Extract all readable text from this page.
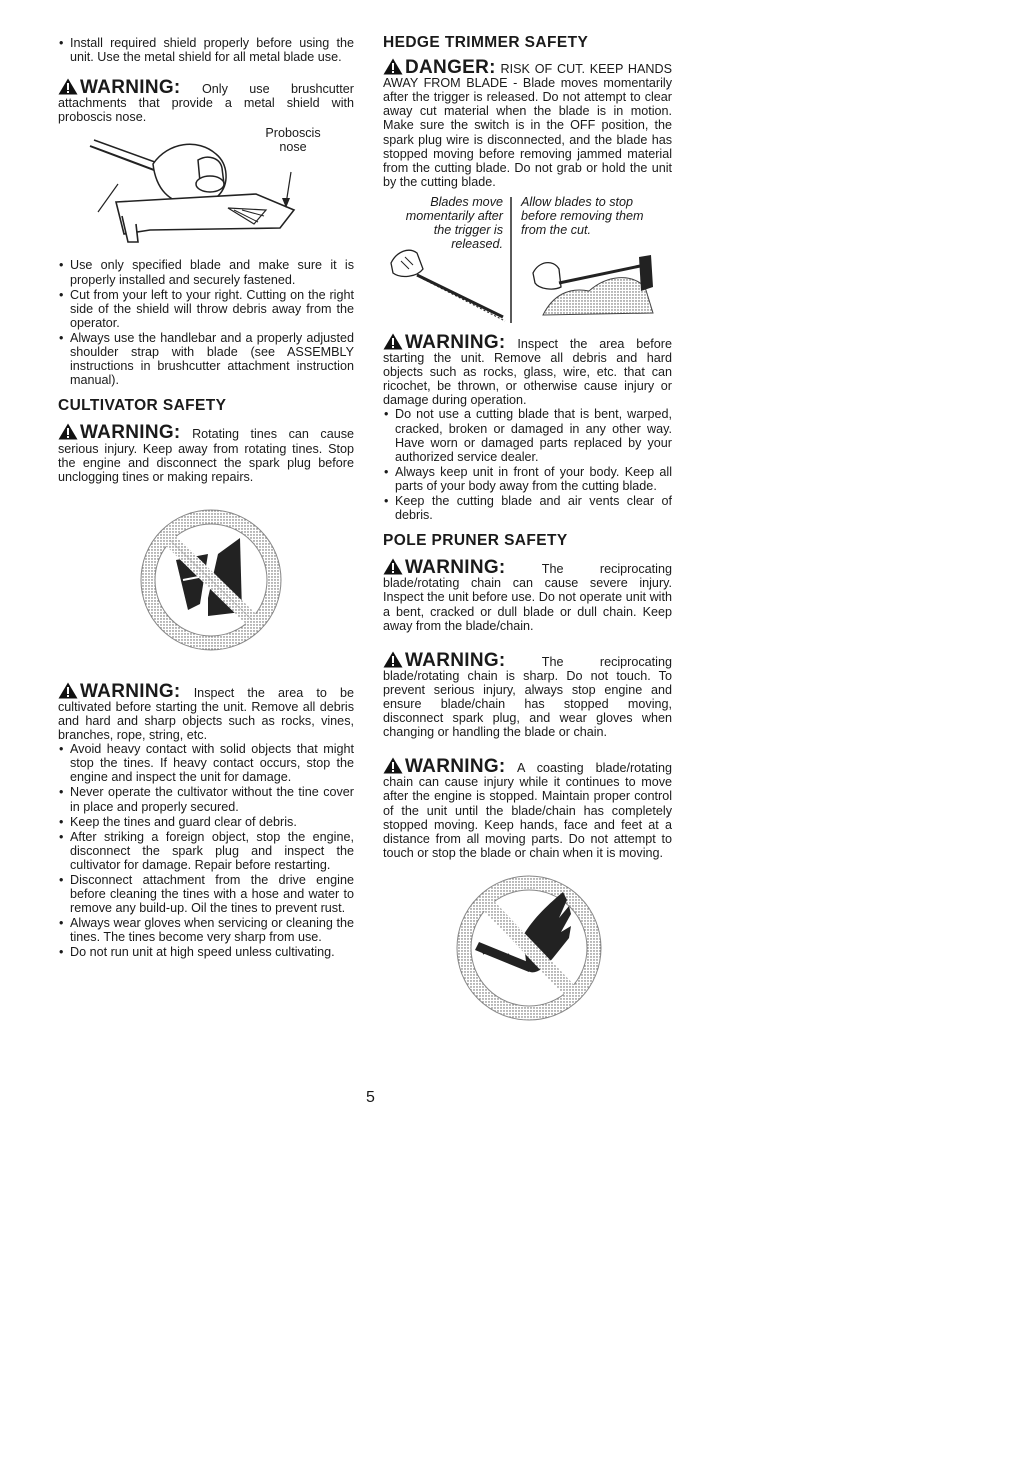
• Install required shield properly before using the unit. Use the metal shield for all metal blade use.

WARNING: Only use brushcutter attachments that provide a metal shield with proboscis nose.

Proboscis nose
• Use only specified blade and make sure it is properly installed and securely fastened.
• Cut from your left to your right. Cutting on the right side of the shield will throw debris away from the operator.
• Always use the handlebar and a properly adjusted shoulder strap with blade (see ASSEMBLY instructions in brushcutter attachment instruction manual).
CULTIVATOR SAFETY

WARNING: Rotating tines can cause serious injury. Keep away from rotating tines. Stop the engine and disconnect the spark plug before unclogging tines or making repairs.

WARNING: Inspect the area to be cultivated before starting the unit. Remove all debris and hard and sharp objects such as rocks, vines, branches, rope, string, etc.

• Avoid heavy contact with solid objects that might stop the tines. If heavy contact occurs, stop the engine and inspect the unit for damage.
• Never operate the cultivator without the tine cover in place and properly secured.
• Keep the tines and guard clear of debris.
• After striking a foreign object, stop the engine, disconnect the spark plug and inspect the cultivator for damage. Repair before restarting.
• Disconnect attachment from the drive engine before cleaning the tines with a hose and water to remove any build-up. Oil the tines to prevent rust.
• Always wear gloves when servicing or cleaning the tines. The tines become very sharp from use.
• Do not run unit at high speed unless cultivating.
HEDGE TRIMMER SAFETY

DANGER: RISK OF CUT. KEEP HANDS AWAY FROM BLADE - Blade moves momentarily after the trigger is released. Do not attempt to clear away cut material when the blade is in motion. Make sure the switch is in the OFF position, the spark plug wire is disconnected, and the blade has stopped moving before removing jammed material from the cutting blade. Do not grab or hold the unit by the cutting blade.

Blades move momentarily after the trigger is released.
Allow blades to stop before removing them from the cut.

WARNING: Inspect the area before starting the unit. Remove all debris and hard objects such as rocks, glass, wire, etc. that can ricochet, be thrown, or otherwise cause injury or damage during operation.

• Do not use a cutting blade that is bent, warped, cracked, broken or damaged in any other way. Have worn or damaged parts replaced by your authorized service dealer.
• Always keep unit in front of your body. Keep all parts of your body away from the cutting blade.
• Keep the cutting blade and air vents clear of debris.
POLE PRUNER SAFETY

WARNING:	The reciprocating blade/rotating chain can cause severe injury. Inspect the unit before use. Do not operate unit with a bent, cracked or dull blade or dull chain. Keep away from the blade/chain.

WARNING:	The reciprocating blade/rotating chain is sharp. Do not touch. To prevent serious injury, always stop engine and ensure blade/chain has stopped moving, disconnect spark plug, and wear gloves when changing or handling the blade or chain.

WARNING: A coasting blade/rotating chain can cause injury while it continues to move after the engine is stopped. Maintain proper control of the unit until the blade/chain has completely stopped moving. Keep hands, face and feet at a distance from all moving parts. Do not attempt to touch or stop the blade or chain when it is moving.

5
